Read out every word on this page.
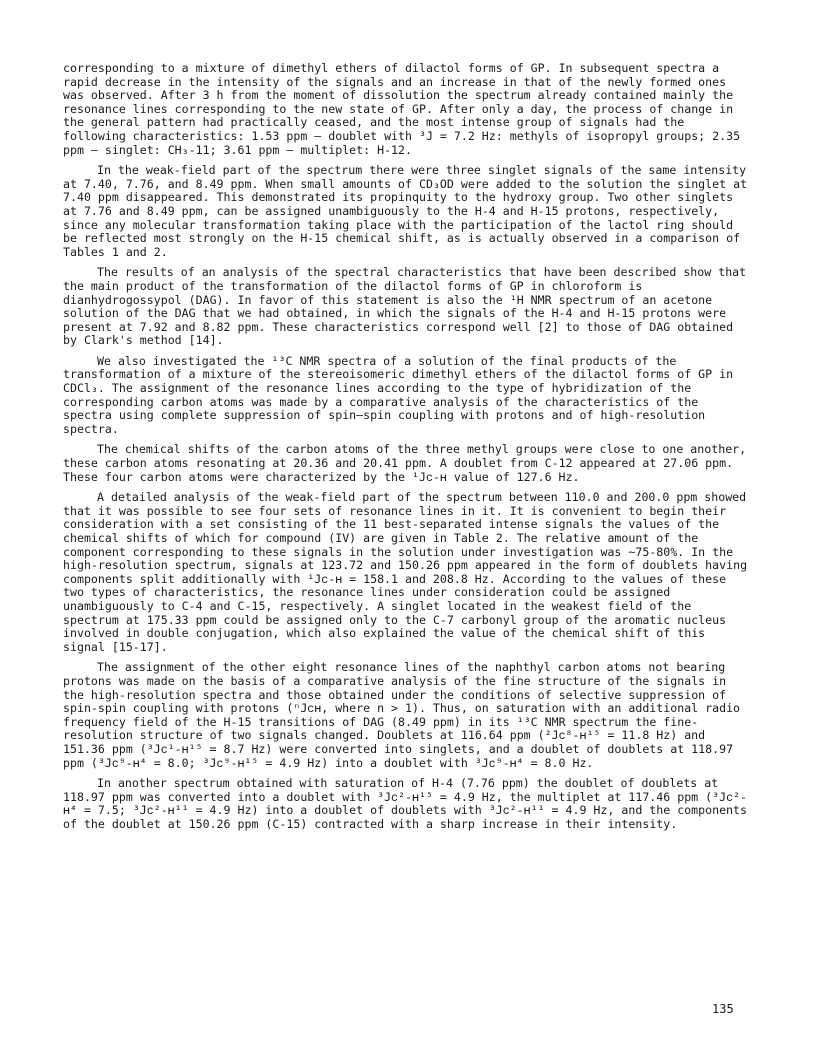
corresponding to a mixture of dimethyl ethers of dilactol forms of GP. In subsequent spectra a rapid decrease in the intensity of the signals and an increase in that of the newly formed ones was observed. After 3 h from the moment of dissolution the spectrum already contained mainly the resonance lines corresponding to the new state of GP. After only a day, the process of change in the general pattern had practically ceased, and the most intense group of signals had the following characteristics: 1.53 ppm — doublet with ³J = 7.2 Hz: methyls of isopropyl groups; 2.35 ppm — singlet: CH₃-11; 3.61 ppm — multiplet: H-12.

In the weak-field part of the spectrum there were three singlet signals of the same intensity at 7.40, 7.76, and 8.49 ppm. When small amounts of CD₃OD were added to the solution the singlet at 7.40 ppm disappeared. This demonstrated its propinquity to the hydroxy group. Two other singlets at 7.76 and 8.49 ppm, can be assigned unambiguously to the H-4 and H-15 protons, respectively, since any molecular transformation taking place with the participation of the lactol ring should be reflected most strongly on the H-15 chemical shift, as is actually observed in a comparison of Tables 1 and 2.

The results of an analysis of the spectral characteristics that have been described show that the main product of the transformation of the dilactol forms of GP in chloroform is dianhydrogossypol (DAG). In favor of this statement is also the ¹H NMR spectrum of an acetone solution of the DAG that we had obtained, in which the signals of the H-4 and H-15 protons were present at 7.92 and 8.82 ppm. These characteristics correspond well [2] to those of DAG obtained by Clark's method [14].

We also investigated the ¹³C NMR spectra of a solution of the final products of the transformation of a mixture of the stereoisomeric dimethyl ethers of the dilactol forms of GP in CDCl₃. The assignment of the resonance lines according to the type of hybridization of the corresponding carbon atoms was made by a comparative analysis of the characteristics of the spectra using complete suppression of spin—spin coupling with protons and of high-resolution spectra.

The chemical shifts of the carbon atoms of the three methyl groups were close to one another, these carbon atoms resonating at 20.36 and 20.41 ppm. A doublet from C-12 appeared at 27.06 ppm. These four carbon atoms were characterized by the ¹Jᴄ-ʜ value of 127.6 Hz.

A detailed analysis of the weak-field part of the spectrum between 110.0 and 200.0 ppm showed that it was possible to see four sets of resonance lines in it. It is convenient to begin their consideration with a set consisting of the 11 best-separated intense signals the values of the chemical shifts of which for compound (IV) are given in Table 2. The relative amount of the component corresponding to these signals in the solution under investigation was ~75-80%. In the high-resolution spectrum, signals at 123.72 and 150.26 ppm appeared in the form of doublets having components split additionally with ¹Jᴄ-ʜ = 158.1 and 208.8 Hz. According to the values of these two types of characteristics, the resonance lines under consideration could be assigned unambiguously to C-4 and C-15, respectively. A singlet located in the weakest field of the spectrum at 175.33 ppm could be assigned only to the C-7 carbonyl group of the aromatic nucleus involved in double conjugation, which also explained the value of the chemical shift of this signal [15-17].

The assignment of the other eight resonance lines of the naphthyl carbon atoms not bearing protons was made on the basis of a comparative analysis of the fine structure of the signals in the high-resolution spectra and those obtained under the conditions of selective suppression of spin-spin coupling with protons (ⁿJᴄʜ, where n > 1). Thus, on saturation with an additional radio frequency field of the H-15 transitions of DAG (8.49 ppm) in its ¹³C NMR spectrum the fine-resolution structure of two signals changed. Doublets at 116.64 ppm (²Jᴄ⁸-ʜ¹⁵ = 11.8 Hz) and 151.36 ppm (³Jᴄ¹-ʜ¹⁵ = 8.7 Hz) were converted into singlets, and a doublet of doublets at 118.97 ppm (³Jᴄ⁹-ʜ⁴ = 8.0; ³Jᴄ⁹-ʜ¹⁵ = 4.9 Hz) into a doublet with ³Jᴄ⁹-ʜ⁴ = 8.0 Hz.

In another spectrum obtained with saturation of H-4 (7.76 ppm) the doublet of doublets at 118.97 ppm was converted into a doublet with ³Jᴄ²-ʜ¹⁵ = 4.9 Hz, the multiplet at 117.46 ppm (³Jᴄ²-ʜ⁴ = 7.5; ³Jᴄ²-ʜ¹¹ = 4.9 Hz) into a doublet of doublets with ³Jᴄ²-ʜ¹¹ = 4.9 Hz, and the components of the doublet at 150.26 ppm (C-15) contracted with a sharp increase in their intensity.

135
